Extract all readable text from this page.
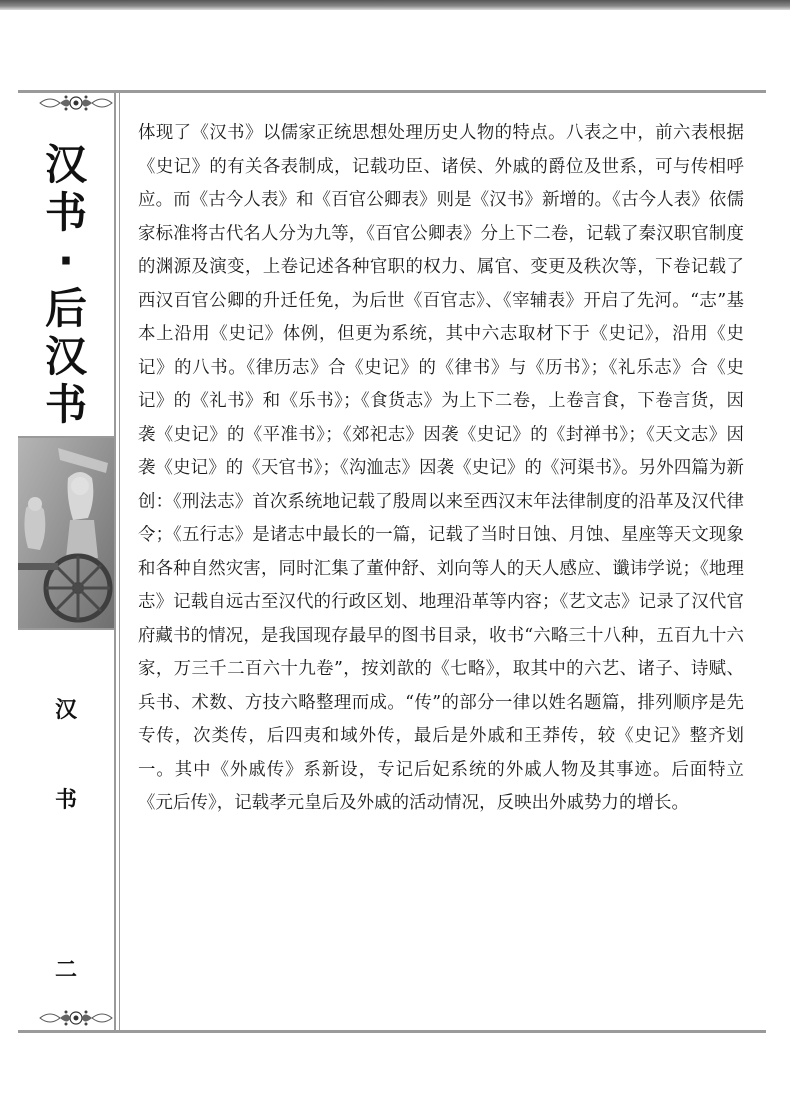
汉
书
·
后
汉
书
汉
书
二

体现了《汉书》以儒家正统思想处理历史人物的特点。八表之中，前六表根据《史记》的有关各表制成，记载功臣、诸侯、外戚的爵位及世系，可与传相呼应。而《古今人表》和《百官公卿表》则是《汉书》新增的。《古今人表》依儒家标准将古代名人分为九等，《百官公卿表》分上下二卷，记载了秦汉职官制度的渊源及演变，上卷记述各种官职的权力、属官、变更及秩次等，下卷记载了西汉百官公卿的升迁任免，为后世《百官志》、《宰辅表》开启了先河。“志”基本上沿用《史记》体例，但更为系统，其中六志取材下于《史记》，沿用《史记》的八书。《律历志》合《史记》的《律书》与《历书》；《礼乐志》合《史记》的《礼书》和《乐书》；《食货志》为上下二卷，上卷言食，下卷言货，因袭《史记》的《平准书》；《郊祀志》因袭《史记》的《封禅书》；《天文志》因袭《史记》的《天官书》；《沟洫志》因袭《史记》的《河渠书》。另外四篇为新创：《刑法志》首次系统地记载了殷周以来至西汉末年法律制度的沿革及汉代律令；《五行志》是诸志中最长的一篇，记载了当时日蚀、月蚀、星座等天文现象和各种自然灾害，同时汇集了董仲舒、刘向等人的天人感应、谶讳学说；《地理志》记载自远古至汉代的行政区划、地理沿革等内容；《艺文志》记录了汉代官府藏书的情况，是我国现存最早的图书目录，收书“六略三十八种，五百九十六家，万三千二百六十九卷”，按刘歆的《七略》，取其中的六艺、诸子、诗赋、兵书、术数、方技六略整理而成。“传”的部分一律以姓名题篇，排列顺序是先专传，次类传，后四夷和域外传，最后是外戚和王莽传，较《史记》整齐划一。其中《外戚传》系新设，专记后妃系统的外戚人物及其事迹。后面特立《元后传》，记载孝元皇后及外戚的活动情况，反映出外戚势力的增长。
